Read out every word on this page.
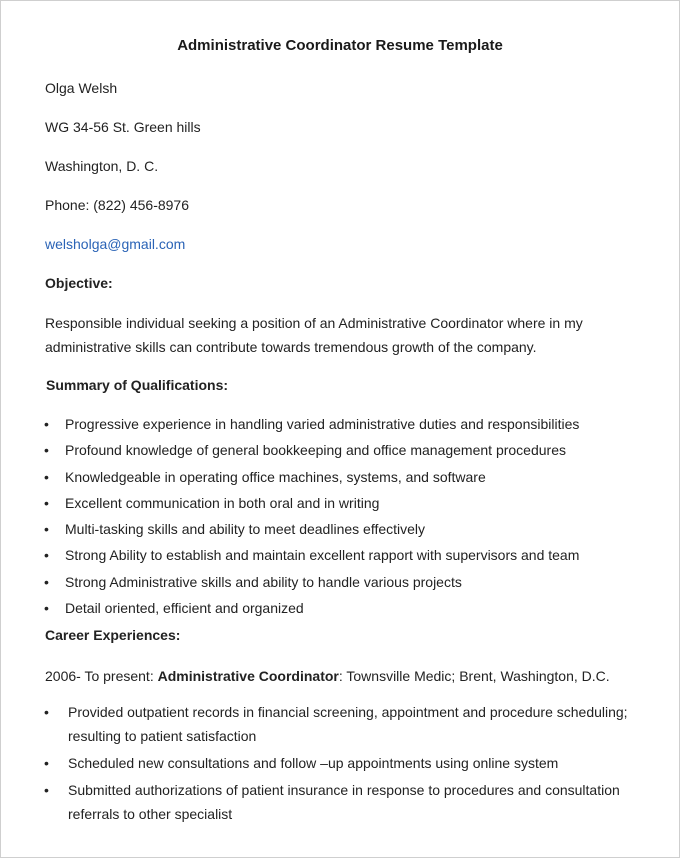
Administrative Coordinator Resume Template
Olga Welsh
WG 34-56 St. Green hills
Washington, D. C.
Phone: (822) 456-8976
welsholga@gmail.com
Objective:
Responsible individual seeking a position of an Administrative Coordinator where in my administrative skills can contribute towards tremendous growth of the company.
Summary of Qualifications:
• Progressive experience in handling varied administrative duties and responsibilities
• Profound knowledge of general bookkeeping and office management procedures
• Knowledgeable in operating office machines, systems, and software
• Excellent communication in both oral and in writing
• Multi-tasking skills and ability to meet deadlines effectively
• Strong Ability to establish and maintain excellent rapport with supervisors and team
• Strong Administrative skills and ability to handle various projects
• Detail oriented, efficient and organized
Career Experiences:
2006- To present: Administrative Coordinator: Townsville Medic; Brent, Washington, D.C.
• Provided outpatient records in financial screening, appointment and procedure scheduling; resulting to patient satisfaction
• Scheduled new consultations and follow –up appointments using online system
• Submitted authorizations of patient insurance in response to procedures and consultation referrals to other specialist
